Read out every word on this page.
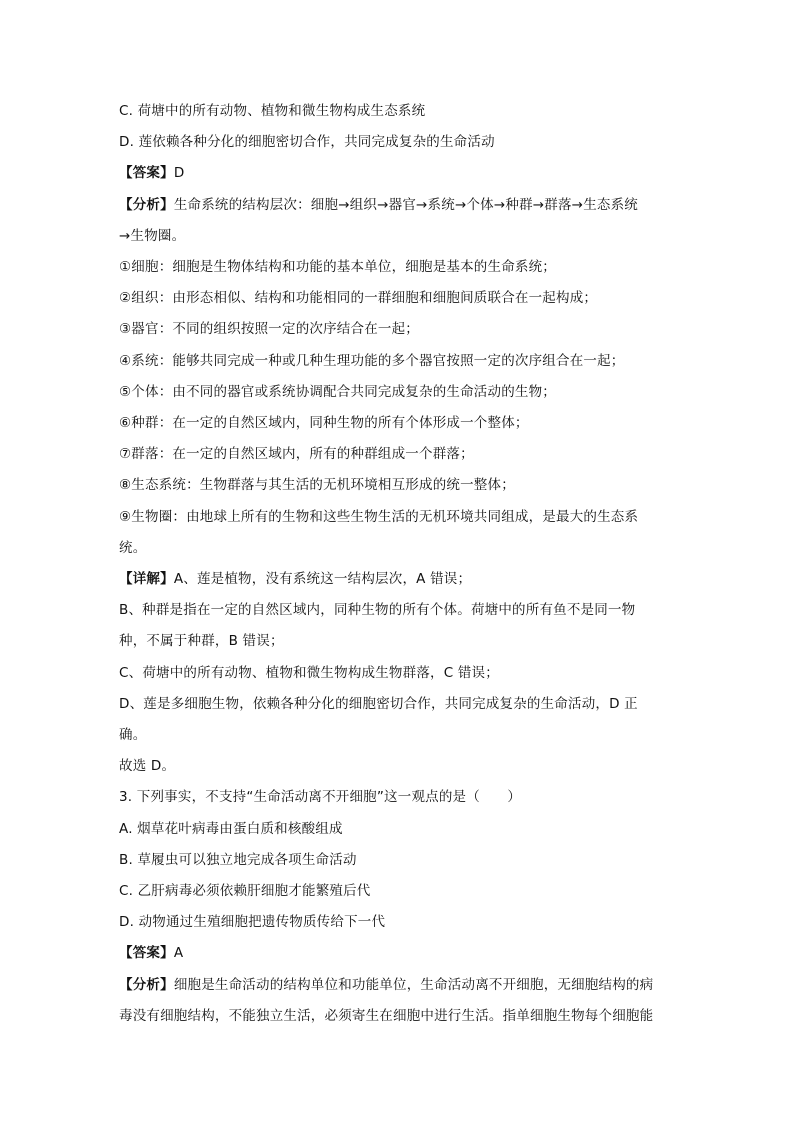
C. 荷塘中的所有动物、植物和微生物构成生态系统
D. 莲依赖各种分化的细胞密切合作，共同完成复杂的生命活动
【答案】D
【分析】生命系统的结构层次：细胞→组织→器官→系统→个体→种群→群落→生态系统
→生物圈。
①细胞：细胞是生物体结构和功能的基本单位，细胞是基本的生命系统；
②组织：由形态相似、结构和功能相同的一群细胞和细胞间质联合在一起构成；
③器官：不同的组织按照一定的次序结合在一起；
④系统：能够共同完成一种或几种生理功能的多个器官按照一定的次序组合在一起；
⑤个体：由不同的器官或系统协调配合共同完成复杂的生命活动的生物；
⑥种群：在一定的自然区域内，同种生物的所有个体形成一个整体；
⑦群落：在一定的自然区域内，所有的种群组成一个群落；
⑧生态系统：生物群落与其生活的无机环境相互形成的统一整体；
⑨生物圈：由地球上所有的生物和这些生物生活的无机环境共同组成，是最大的生态系
统。
【详解】A、莲是植物，没有系统这一结构层次，A 错误；
B、种群是指在一定的自然区域内，同种生物的所有个体。荷塘中的所有鱼不是同一物
种，不属于种群，B 错误；
C、荷塘中的所有动物、植物和微生物构成生物群落，C 错误；
D、莲是多细胞生物，依赖各种分化的细胞密切合作，共同完成复杂的生命活动，D 正
确。
故选 D。
3. 下列事实，不支持“生命活动离不开细胞”这一观点的是（　　）
A. 烟草花叶病毒由蛋白质和核酸组成
B. 草履虫可以独立地完成各项生命活动
C. 乙肝病毒必须依赖肝细胞才能繁殖后代
D. 动物通过生殖细胞把遗传物质传给下一代
【答案】A
【分析】细胞是生命活动的结构单位和功能单位，生命活动离不开细胞，无细胞结构的病
毒没有细胞结构，不能独立生活，必须寄生在细胞中进行生活。指单细胞生物每个细胞能
